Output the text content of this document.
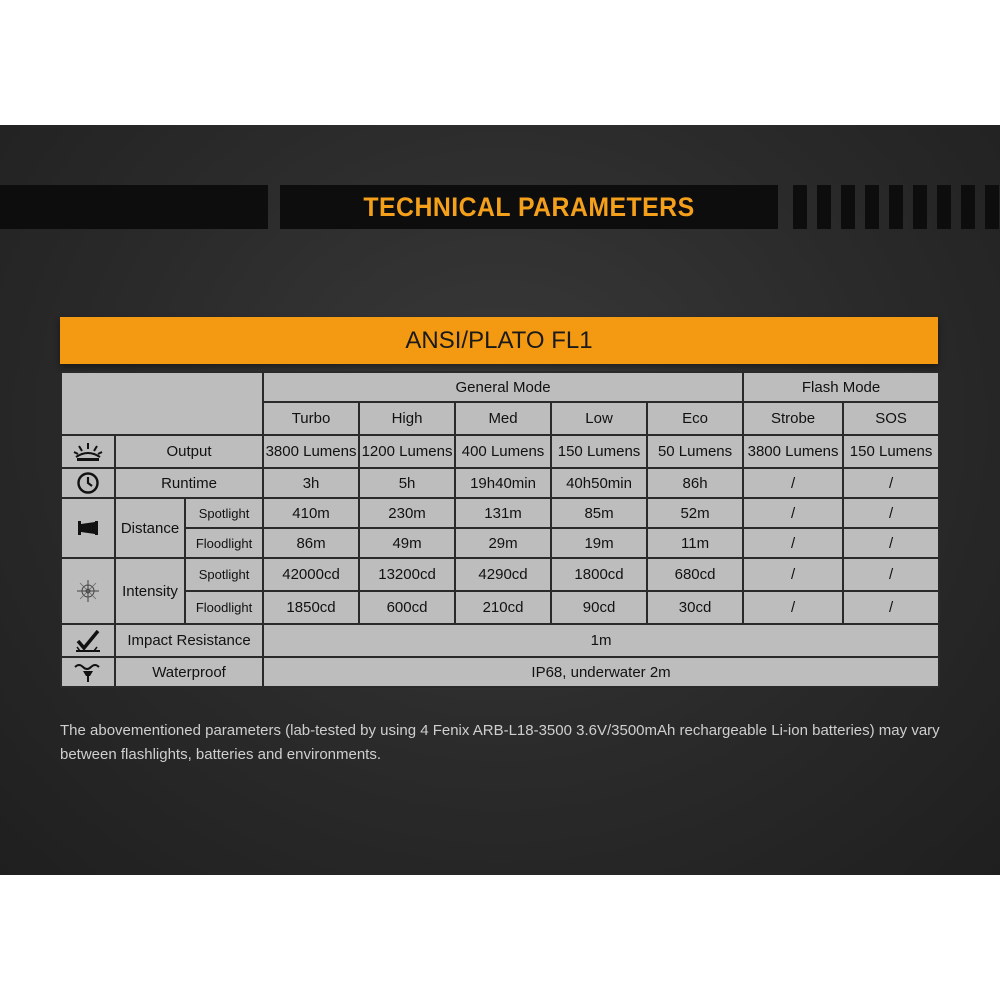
TECHNICAL PARAMETERS
ANSI/PLATO FL1
			General Mode					Flash Mode	
			Turbo	High	Med	Low	Eco	Strobe	SOS

	Output		3800 Lumens	1200 Lumens	400 Lumens	150 Lumens	50 Lumens	3800 Lumens	150 Lumens

	Runtime		3h	5h	19h40min	40h50min	86h	/	/

	Distance	Spotlight	410m	230m	131m	85m	52m	/	/
		Floodlight	86m	49m	29m	19m	11m	/	/

	Intensity	Spotlight	42000cd	13200cd	4290cd	1800cd	680cd	/	/
		Floodlight	1850cd	600cd	210cd	90cd	30cd	/	/

	Impact Resistance		1m						

	Waterproof		IP68, underwater 2m						
The abovementioned parameters (lab-tested by using 4 Fenix ARB-L18-3500 3.6V/3500mAh rechargeable Li-ion batteries) may vary between flashlights, batteries and environments.
